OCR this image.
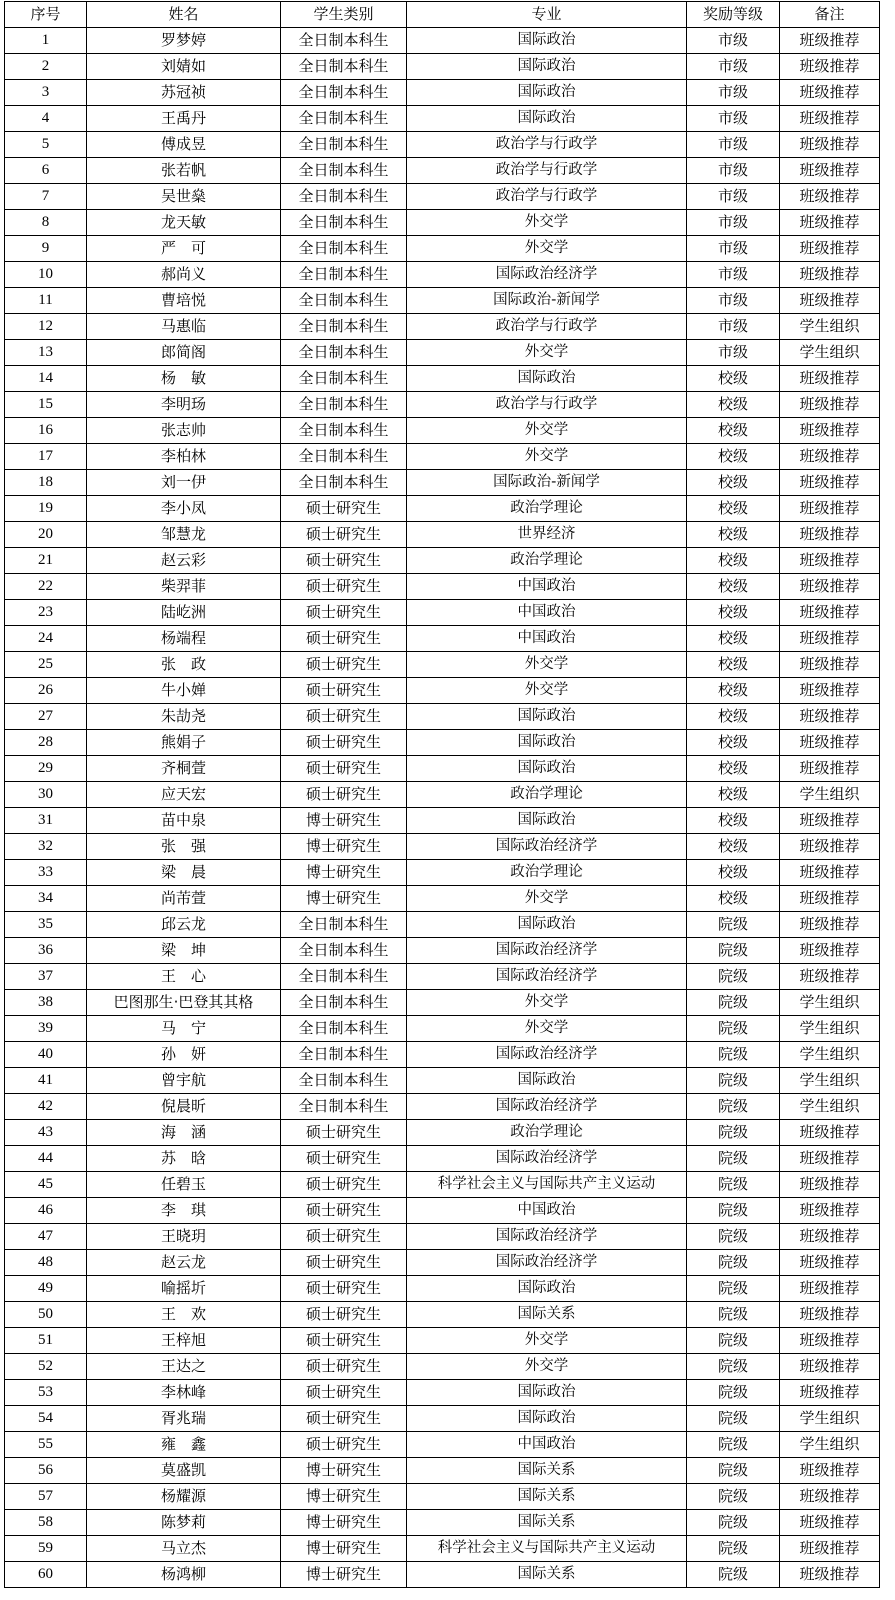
序号	姓名	学生类别	专业	奖励等级	备注
1	罗梦婷	全日制本科生	国际政治	市级	班级推荐
2	刘婧如	全日制本科生	国际政治	市级	班级推荐
3	苏冠祯	全日制本科生	国际政治	市级	班级推荐
4	王禹丹	全日制本科生	国际政治	市级	班级推荐
5	傅成昱	全日制本科生	政治学与行政学	市级	班级推荐
6	张若帆	全日制本科生	政治学与行政学	市级	班级推荐
7	吴世燊	全日制本科生	政治学与行政学	市级	班级推荐
8	龙天敏	全日制本科生	外交学	市级	班级推荐
9	严　可	全日制本科生	外交学	市级	班级推荐
10	郝尚义	全日制本科生	国际政治经济学	市级	班级推荐
11	曹培悦	全日制本科生	国际政治-新闻学	市级	班级推荐
12	马惠临	全日制本科生	政治学与行政学	市级	学生组织
13	郎简阁	全日制本科生	外交学	市级	学生组织
14	杨　敏	全日制本科生	国际政治	校级	班级推荐
15	李明玚	全日制本科生	政治学与行政学	校级	班级推荐
16	张志帅	全日制本科生	外交学	校级	班级推荐
17	李柏林	全日制本科生	外交学	校级	班级推荐
18	刘一伊	全日制本科生	国际政治-新闻学	校级	班级推荐
19	李小凤	硕士研究生	政治学理论	校级	班级推荐
20	邹慧龙	硕士研究生	世界经济	校级	班级推荐
21	赵云彩	硕士研究生	政治学理论	校级	班级推荐
22	柴羿菲	硕士研究生	中国政治	校级	班级推荐
23	陆屹洲	硕士研究生	中国政治	校级	班级推荐
24	杨端程	硕士研究生	中国政治	校级	班级推荐
25	张　政	硕士研究生	外交学	校级	班级推荐
26	牛小婵	硕士研究生	外交学	校级	班级推荐
27	朱劼尧	硕士研究生	国际政治	校级	班级推荐
28	熊娟子	硕士研究生	国际政治	校级	班级推荐
29	齐桐萱	硕士研究生	国际政治	校级	班级推荐
30	应天宏	硕士研究生	政治学理论	校级	学生组织
31	苗中泉	博士研究生	国际政治	校级	班级推荐
32	张　强	博士研究生	国际政治经济学	校级	班级推荐
33	梁　晨	博士研究生	政治学理论	校级	班级推荐
34	尚芾萱	博士研究生	外交学	校级	班级推荐
35	邱云龙	全日制本科生	国际政治	院级	班级推荐
36	梁　坤	全日制本科生	国际政治经济学	院级	班级推荐
37	王　心	全日制本科生	国际政治经济学	院级	班级推荐
38	巴图那生·巴登其其格	全日制本科生	外交学	院级	学生组织
39	马　宁	全日制本科生	外交学	院级	学生组织
40	孙　妍	全日制本科生	国际政治经济学	院级	学生组织
41	曾宇航	全日制本科生	国际政治	院级	学生组织
42	倪晨昕	全日制本科生	国际政治经济学	院级	学生组织
43	海　涵	硕士研究生	政治学理论	院级	班级推荐
44	苏　晗	硕士研究生	国际政治经济学	院级	班级推荐
45	任碧玉	硕士研究生	科学社会主义与国际共产主义运动	院级	班级推荐
46	李　琪	硕士研究生	中国政治	院级	班级推荐
47	王晓玥	硕士研究生	国际政治经济学	院级	班级推荐
48	赵云龙	硕士研究生	国际政治经济学	院级	班级推荐
49	喻摇圻	硕士研究生	国际政治	院级	班级推荐
50	王　欢	硕士研究生	国际关系	院级	班级推荐
51	王梓旭	硕士研究生	外交学	院级	班级推荐
52	王达之	硕士研究生	外交学	院级	班级推荐
53	李林峰	硕士研究生	国际政治	院级	班级推荐
54	胥兆瑞	硕士研究生	国际政治	院级	学生组织
55	雍　鑫	硕士研究生	中国政治	院级	学生组织
56	莫盛凯	博士研究生	国际关系	院级	班级推荐
57	杨耀源	博士研究生	国际关系	院级	班级推荐
58	陈梦莉	博士研究生	国际关系	院级	班级推荐
59	马立杰	博士研究生	科学社会主义与国际共产主义运动	院级	班级推荐
60	杨鸿柳	博士研究生	国际关系	院级	班级推荐
